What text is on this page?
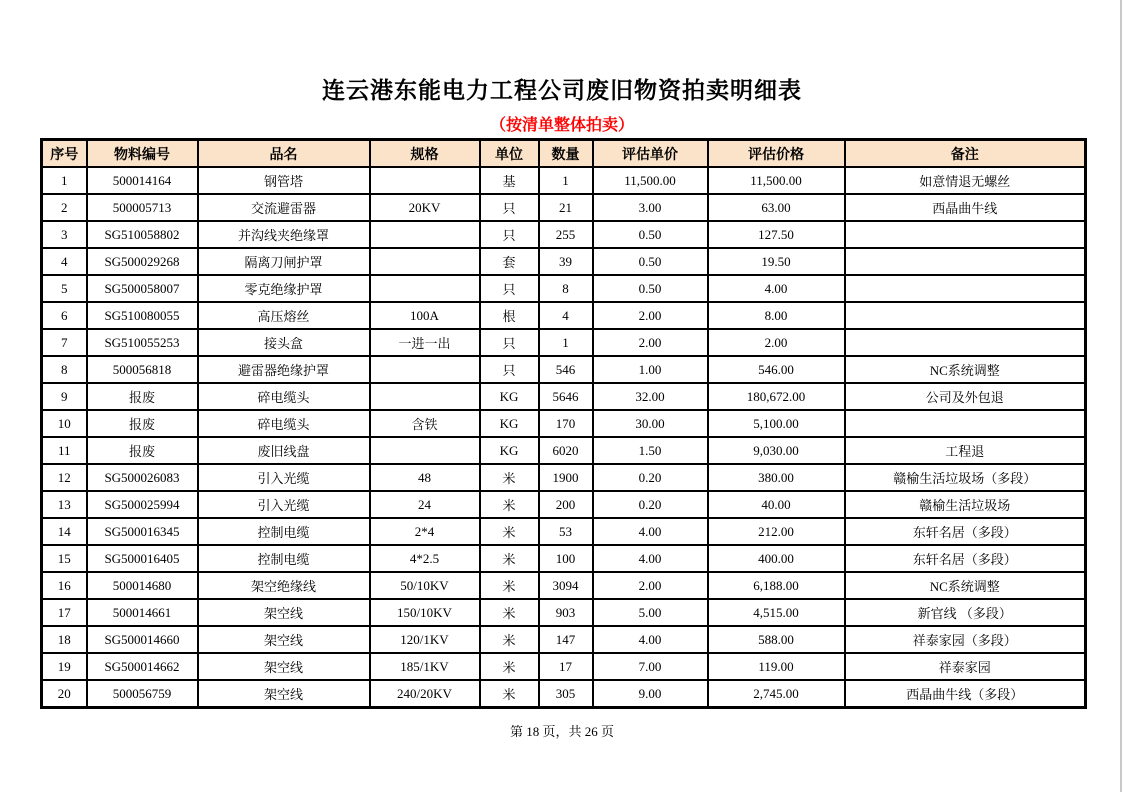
连云港东能电力工程公司废旧物资拍卖明细表
（按清单整体拍卖）
序号	物料编号	品名	规格	单位	数量	评估单价	评估价格	备注
1	500014164	钢管塔		基	1	11,500.00	11,500.00	如意情退无螺丝
2	500005713	交流避雷器	20KV	只	21	3.00	63.00	西晶曲牛线
3	SG510058802	并沟线夹绝缘罩		只	255	0.50	127.50	
4	SG500029268	隔离刀闸护罩		套	39	0.50	19.50	
5	SG500058007	零克绝缘护罩		只	8	0.50	4.00	
6	SG510080055	高压熔丝	100A	根	4	2.00	8.00	
7	SG510055253	接头盒	一进一出	只	1	2.00	2.00	
8	500056818	避雷器绝缘护罩		只	546	1.00	546.00	NC系统调整
9	报废	碎电缆头		KG	5646	32.00	180,672.00	公司及外包退
10	报废	碎电缆头	含铁	KG	170	30.00	5,100.00	
11	报废	废旧线盘		KG	6020	1.50	9,030.00	工程退
12	SG500026083	引入光缆	48	米	1900	0.20	380.00	赣榆生活垃圾场（多段）
13	SG500025994	引入光缆	24	米	200	0.20	40.00	赣榆生活垃圾场
14	SG500016345	控制电缆	2*4	米	53	4.00	212.00	东轩名居（多段）
15	SG500016405	控制电缆	4*2.5	米	100	4.00	400.00	东轩名居（多段）
16	500014680	架空绝缘线	50/10KV	米	3094	2.00	6,188.00	NC系统调整
17	500014661	架空线	150/10KV	米	903	5.00	4,515.00	新官线 （多段）
18	SG500014660	架空线	120/1KV	米	147	4.00	588.00	祥泰家园（多段）
19	SG500014662	架空线	185/1KV	米	17	7.00	119.00	祥泰家园
20	500056759	架空线	240/20KV	米	305	9.00	2,745.00	西晶曲牛线（多段）
第 18 页，共 26 页
